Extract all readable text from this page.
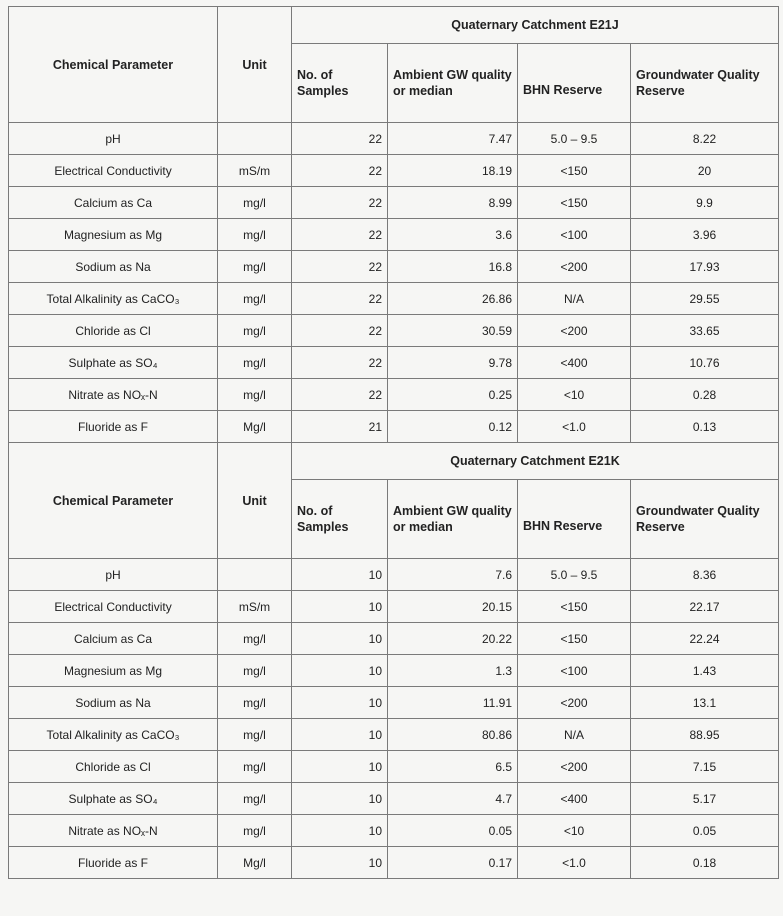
Chemical Parameter	Unit	Quaternary Catchment E21J			
		No. of Samples	Ambient GW quality or median	BHN Reserve	Groundwater Quality Reserve
pH		22	7.47	5.0 – 9.5	8.22
Electrical Conductivity	mS/m	22	18.19	<150	20
Calcium as Ca	mg/l	22	8.99	<150	9.9
Magnesium as Mg	mg/l	22	3.6	<100	3.96
Sodium as Na	mg/l	22	16.8	<200	17.93
Total Alkalinity as CaCO₃	mg/l	22	26.86	N/A	29.55
Chloride as Cl	mg/l	22	30.59	<200	33.65
Sulphate as SO₄	mg/l	22	9.78	<400	10.76
Nitrate as NOₓ-N	mg/l	22	0.25	<10	0.28
Fluoride as F	Mg/l	21	0.12	<1.0	0.13
Chemical Parameter	Unit	Quaternary Catchment E21K			
		No. of Samples	Ambient GW quality or median	BHN Reserve	Groundwater Quality Reserve
pH		10	7.6	5.0 – 9.5	8.36
Electrical Conductivity	mS/m	10	20.15	<150	22.17
Calcium as Ca	mg/l	10	20.22	<150	22.24
Magnesium as Mg	mg/l	10	1.3	<100	1.43
Sodium as Na	mg/l	10	11.91	<200	13.1
Total Alkalinity as CaCO₃	mg/l	10	80.86	N/A	88.95
Chloride as Cl	mg/l	10	6.5	<200	7.15
Sulphate as SO₄	mg/l	10	4.7	<400	5.17
Nitrate as NOₓ-N	mg/l	10	0.05	<10	0.05
Fluoride as F	Mg/l	10	0.17	<1.0	0.18
